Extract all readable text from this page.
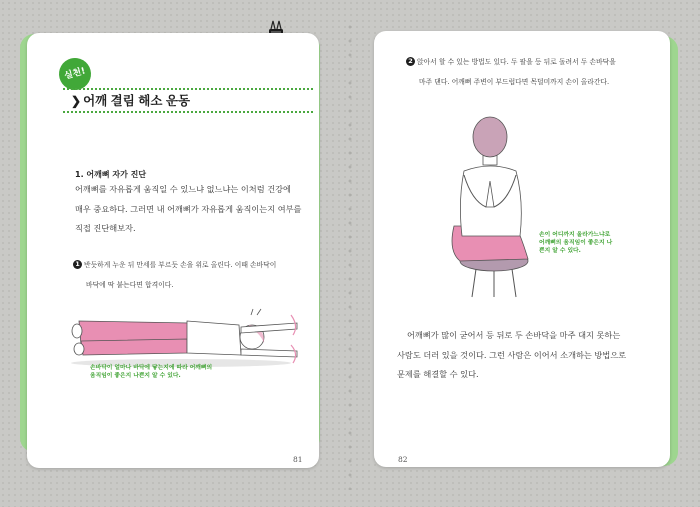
실천!
❯ 어깨 결림 해소 운동
1. 어깨뼈 자가 진단

어깨뼈를 자유롭게 움직일 수 있느냐 없느냐는 이처럼 건강에
매우 중요하다. 그러면 내 어깨뼈가 자유롭게 움직이는지 여부를
직접 진단해보자.

1 반듯하게 누운 뒤 만세를 부르듯 손을 위로 올린다. 이때 손바닥이
바닥에 딱 붙는다면 합격이다.

손바닥이 얼마나 바닥에 닿는지에 따라 어깨뼈의
움직임이 좋은지 나쁜지 알 수 있다.

81

2 앉아서 할 수 있는 방법도 있다. 두 팔을 등 뒤로 돌려서 두 손바닥을
마주 댄다. 어깨뼈 주변이 부드럽다면 목덜미까지 손이 올라간다.

손이 어디까지 올라가느냐로
어깨뼈의 움직임이 좋은지 나
쁜지 알 수 있다.

어깨뼈가 많이 굳어서 등 뒤로 두 손바닥을 마주 대지 못하는
사람도 더러 있을 것이다. 그런 사람은 이어서 소개하는 방법으로
문제를 해결할 수 있다.

82
